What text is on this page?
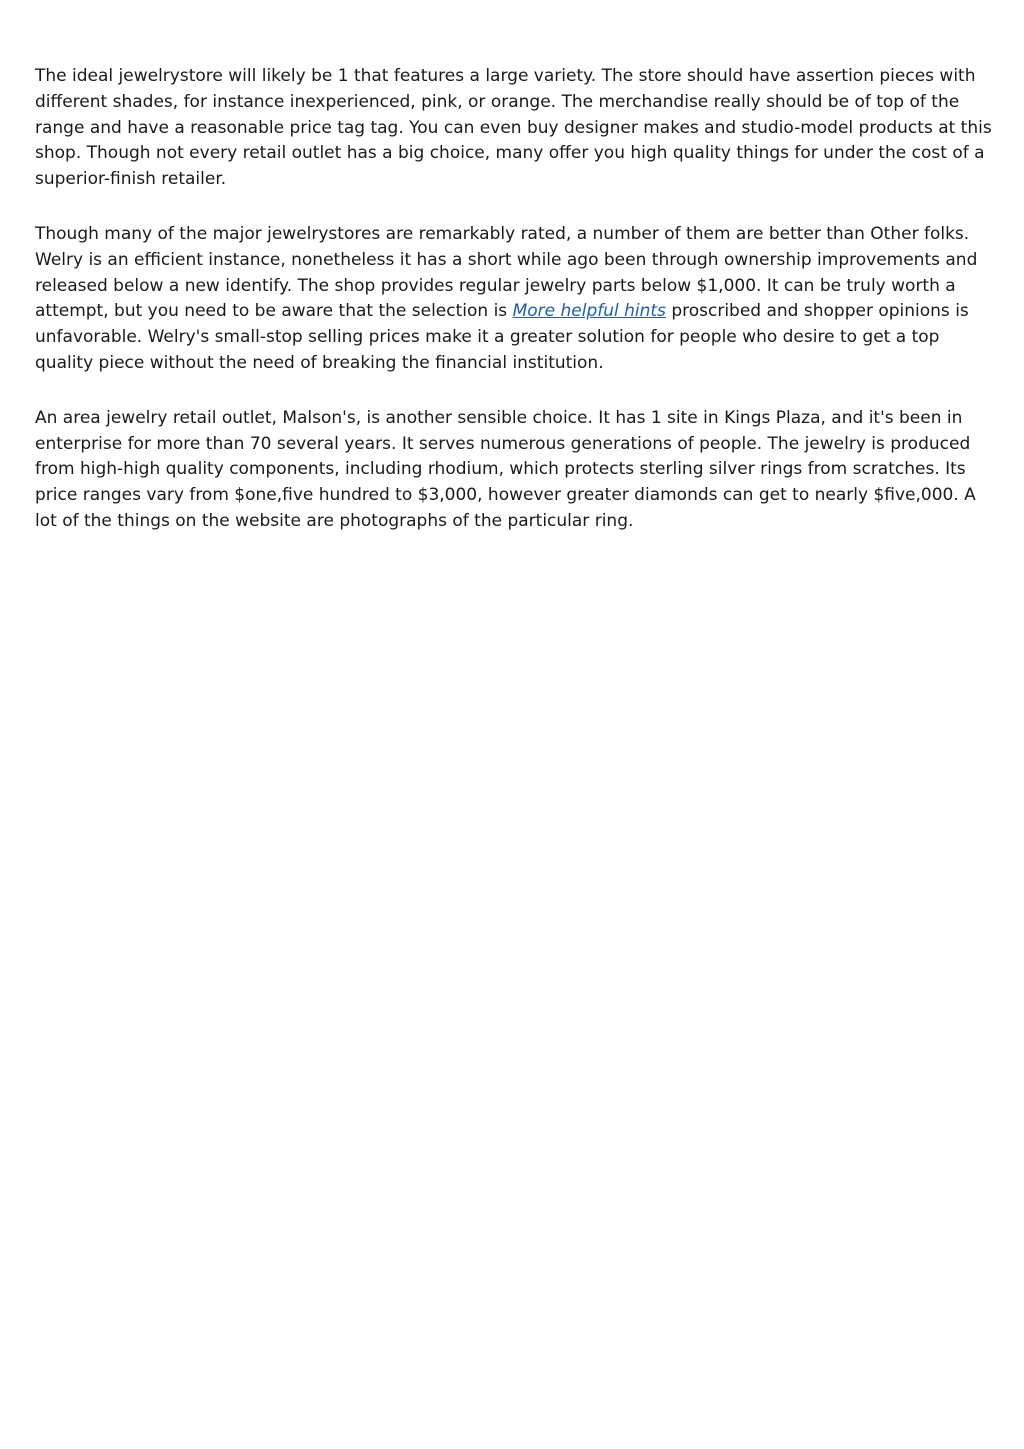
The ideal jewelrystore will likely be 1 that features a large variety. The store should have assertion pieces with different shades, for instance inexperienced, pink, or orange. The merchandise really should be of top of the range and have a reasonable price tag tag. You can even buy designer makes and studio-model products at this shop. Though not every retail outlet has a big choice, many offer you high quality things for under the cost of a superior-finish retailer.

Though many of the major jewelrystores are remarkably rated, a number of them are better than Other folks. Welry is an efficient instance, nonetheless it has a short while ago been through ownership improvements and released below a new identify. The shop provides regular jewelry parts below $1,000. It can be truly worth a attempt, but you need to be aware that the selection is More helpful hints proscribed and shopper opinions is unfavorable. Welry's small-stop selling prices make it a greater solution for people who desire to get a top quality piece without the need of breaking the financial institution.

An area jewelry retail outlet, Malson's, is another sensible choice. It has 1 site in Kings Plaza, and it's been in enterprise for more than 70 several years. It serves numerous generations of people. The jewelry is produced from high-high quality components, including rhodium, which protects sterling silver rings from scratches. Its price ranges vary from $one,five hundred to $3,000, however greater diamonds can get to nearly $five,000. A lot of the things on the website are photographs of the particular ring.
